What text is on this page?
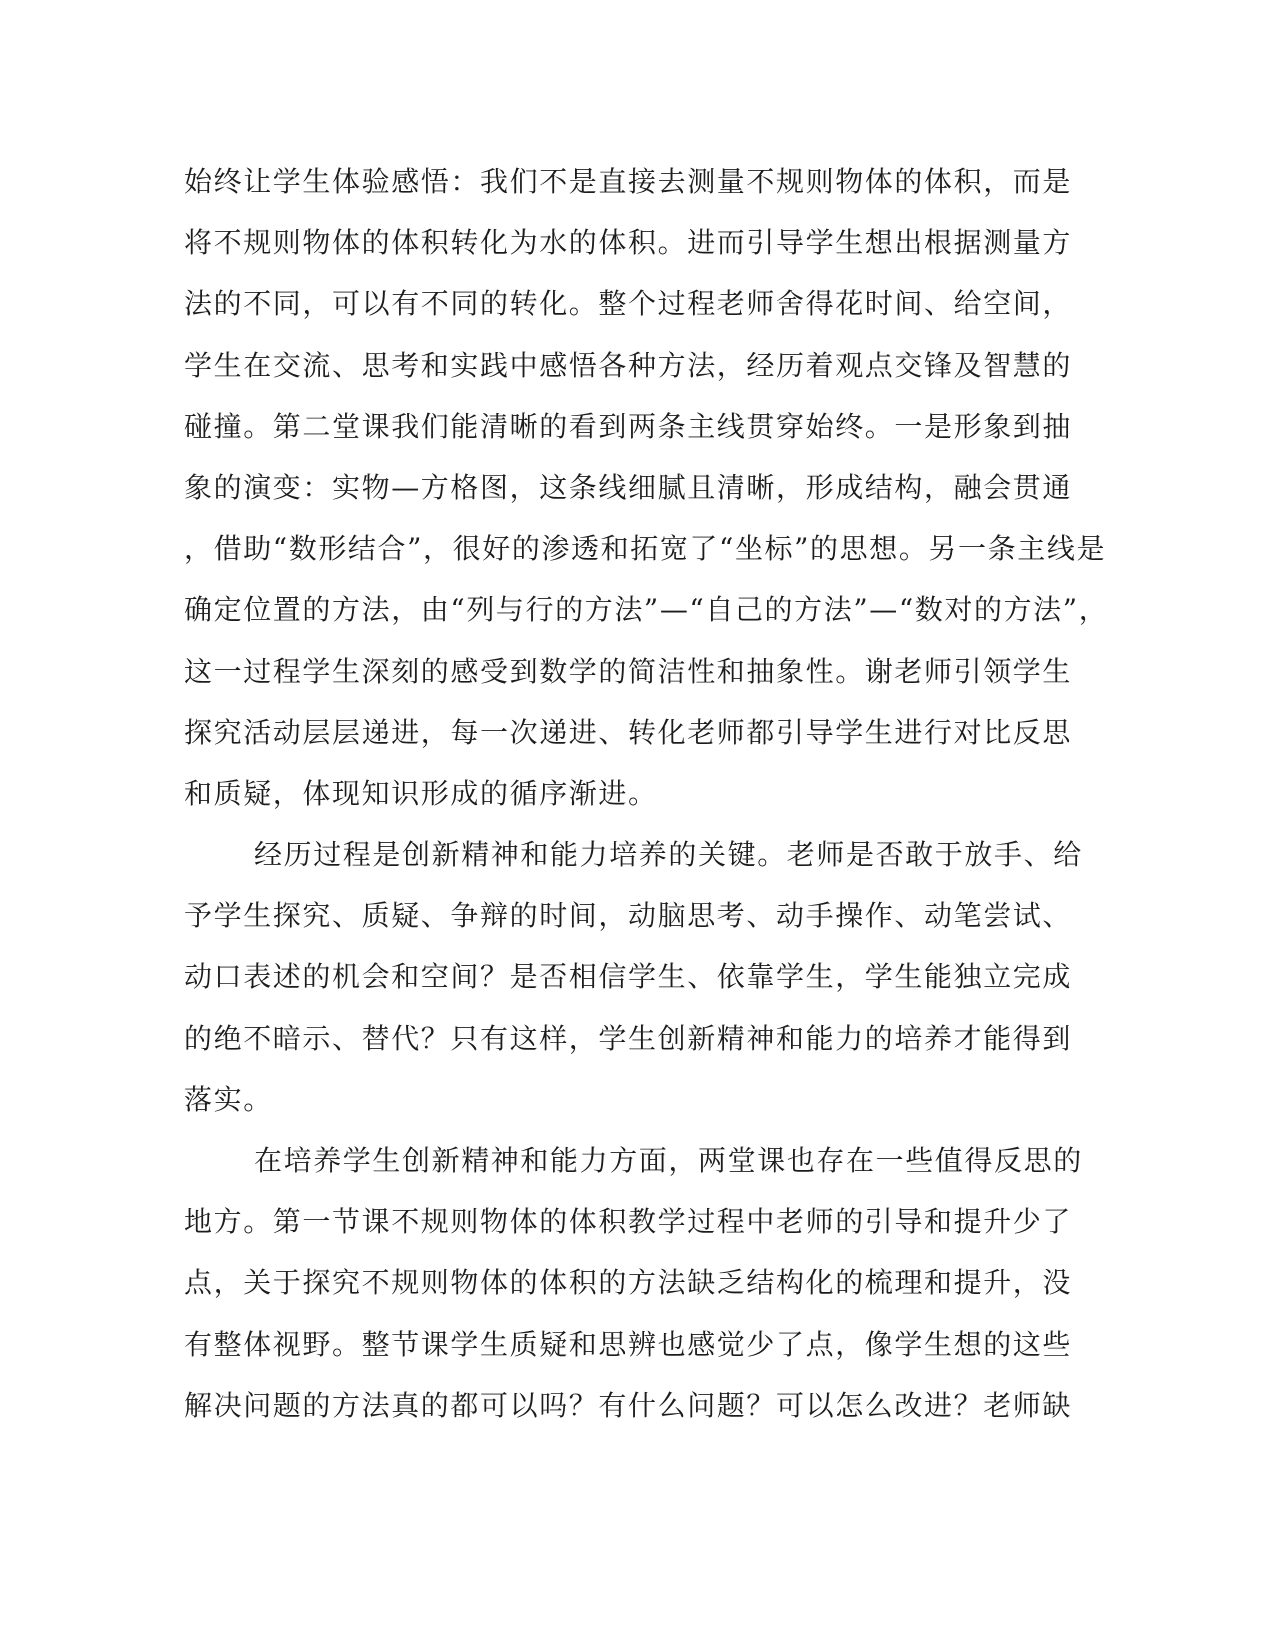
始终让学生体验感悟：我们不是直接去测量不规则物体的体积，而是
将不规则物体的体积转化为水的体积。进而引导学生想出根据测量方
法的不同，可以有不同的转化。整个过程老师舍得花时间、给空间，
学生在交流、思考和实践中感悟各种方法，经历着观点交锋及智慧的
碰撞。第二堂课我们能清晰的看到两条主线贯穿始终。一是形象到抽
象的演变：实物—方格图，这条线细腻且清晰，形成结构，融会贯通
，借助“数形结合”，很好的渗透和拓宽了“坐标”的思想。另一条主线是
确定位置的方法，由“列与行的方法”—“自己的方法”—“数对的方法”，
这一过程学生深刻的感受到数学的简洁性和抽象性。谢老师引领学生
探究活动层层递进，每一次递进、转化老师都引导学生进行对比反思
和质疑，体现知识形成的循序渐进。
经历过程是创新精神和能力培养的关键。老师是否敢于放手、给
予学生探究、质疑、争辩的时间，动脑思考、动手操作、动笔尝试、
动口表述的机会和空间？是否相信学生、依靠学生，学生能独立完成
的绝不暗示、替代？只有这样，学生创新精神和能力的培养才能得到
落实。
在培养学生创新精神和能力方面，两堂课也存在一些值得反思的
地方。第一节课不规则物体的体积教学过程中老师的引导和提升少了
点，关于探究不规则物体的体积的方法缺乏结构化的梳理和提升，没
有整体视野。整节课学生质疑和思辨也感觉少了点，像学生想的这些
解决问题的方法真的都可以吗？有什么问题？可以怎么改进？老师缺
